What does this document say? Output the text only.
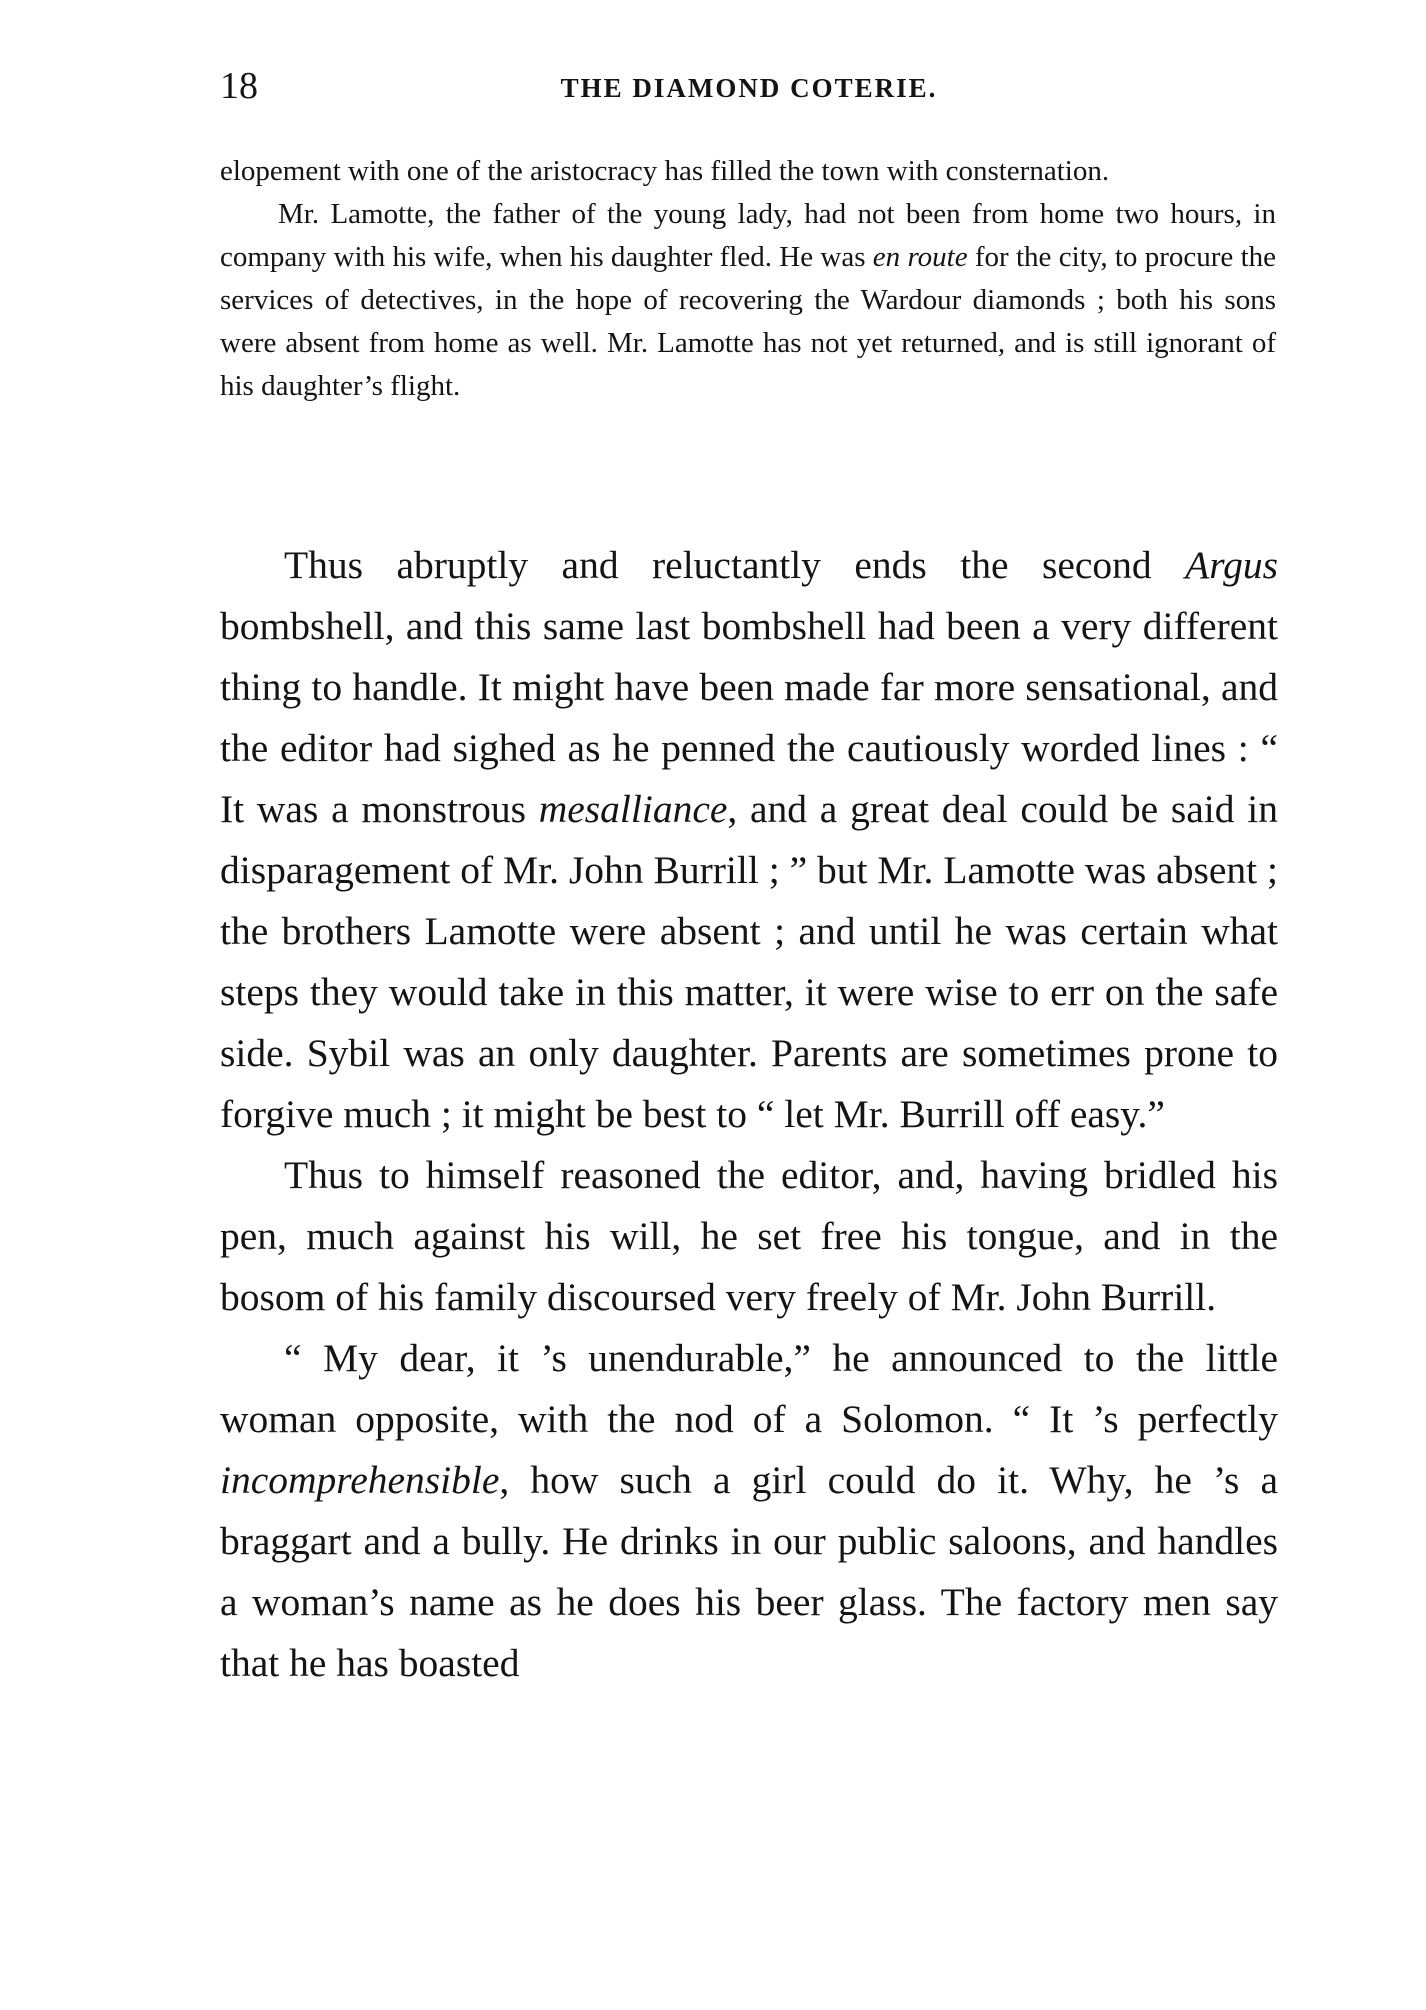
18	THE DIAMOND COTERIE.

elopement with one of the aristocracy has filled the town with consternation.

Mr. Lamotte, the father of the young lady, had not been from home two hours, in company with his wife, when his daughter fled. He was en route for the city, to procure the services of detectives, in the hope of recovering the Wardour diamonds ; both his sons were absent from home as well. Mr. Lamotte has not yet returned, and is still ignorant of his daughter’s flight.

Thus abruptly and reluctantly ends the second Argus bombshell, and this same last bombshell had been a very different thing to handle. It might have been made far more sensational, and the editor had sighed as he penned the cautiously worded lines : “ It was a monstrous mesalliance, and a great deal could be said in disparagement of Mr. John Burrill ; ” but Mr. Lamotte was absent ; the brothers Lamotte were absent ; and until he was certain what steps they would take in this matter, it were wise to err on the safe side. Sybil was an only daughter. Parents are sometimes prone to forgive much ; it might be best to “ let Mr. Burrill off easy.”

Thus to himself reasoned the editor, and, having bridled his pen, much against his will, he set free his tongue, and in the bosom of his family discoursed very freely of Mr. John Burrill.

“ My dear, it ’s unendurable,” he announced to the little woman opposite, with the nod of a Solomon. “ It ’s perfectly incomprehensible, how such a girl could do it. Why, he ’s a braggart and a bully. He drinks in our public saloons, and handles a woman’s name as he does his beer glass. The factory men say that he has boasted
